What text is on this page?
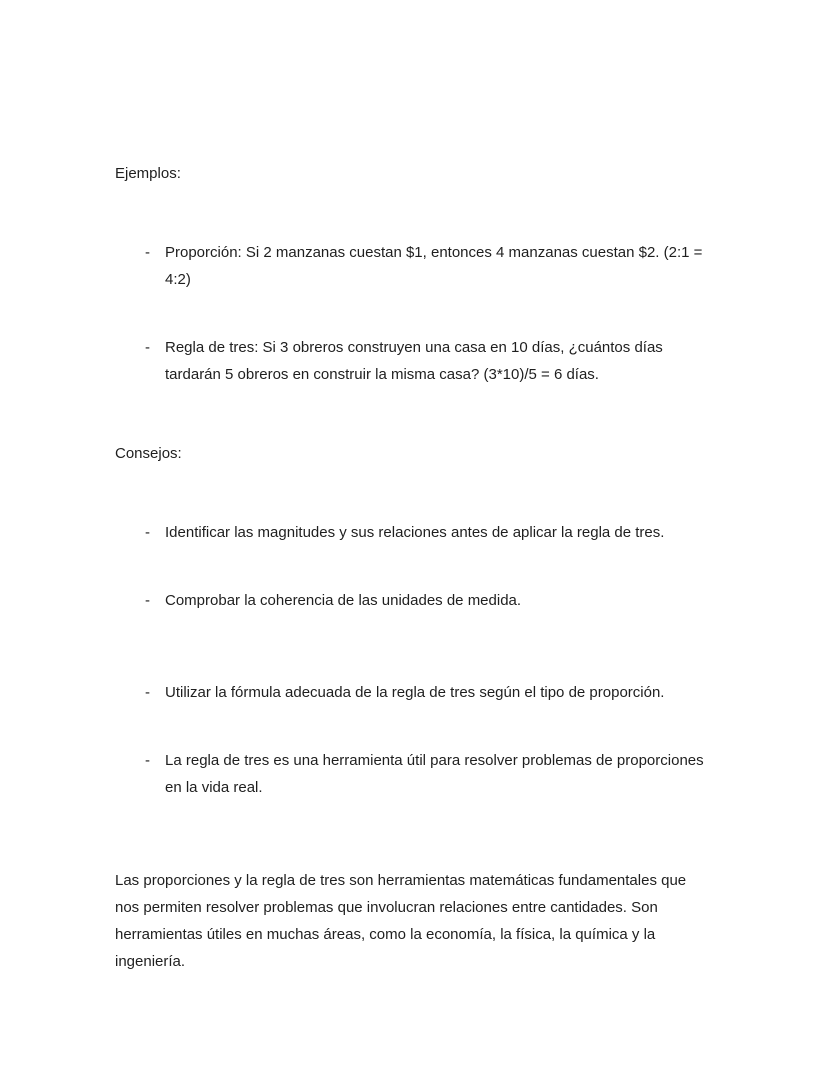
Ejemplos:
-	Proporción: Si 2 manzanas cuestan $1, entonces 4 manzanas cuestan $2. (2:1 = 4:2)
-	Regla de tres: Si 3 obreros construyen una casa en 10 días, ¿cuántos días tardarán 5 obreros en construir la misma casa? (3*10)/5 = 6 días.
Consejos:
-	Identificar las magnitudes y sus relaciones antes de aplicar la regla de tres.
-	Comprobar la coherencia de las unidades de medida.
-	Utilizar la fórmula adecuada de la regla de tres según el tipo de proporción.
-	La regla de tres es una herramienta útil para resolver problemas de proporciones en la vida real.

Las proporciones y la regla de tres son herramientas matemáticas fundamentales que nos permiten resolver problemas que involucran relaciones entre cantidades. Son herramientas útiles en muchas áreas, como la economía, la física, la química y la ingeniería.
